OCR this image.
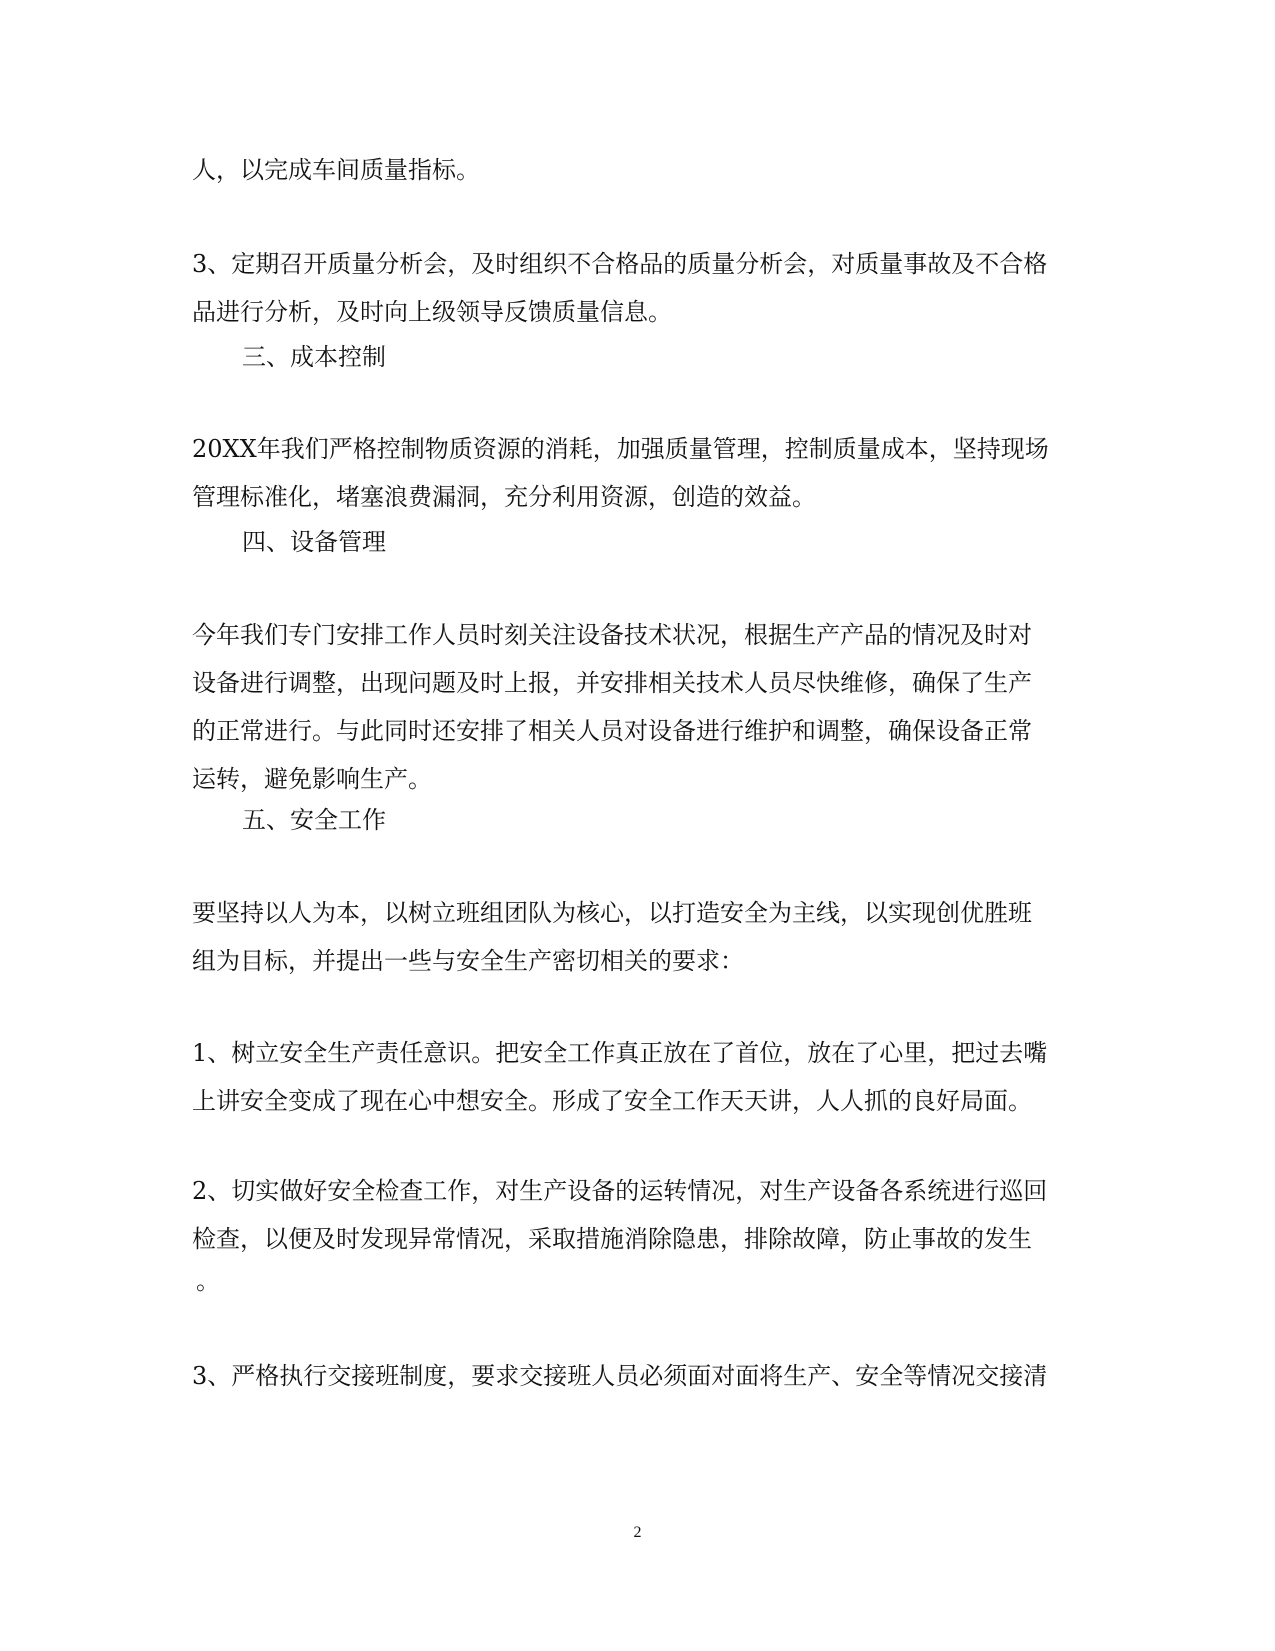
人，以完成车间质量指标。
3、定期召开质量分析会，及时组织不合格品的质量分析会，对质量事故及不合格
品进行分析，及时向上级领导反馈质量信息。
三、成本控制
20XX年我们严格控制物质资源的消耗，加强质量管理，控制质量成本，坚持现场
管理标准化，堵塞浪费漏洞，充分利用资源，创造的效益。
四、设备管理
今年我们专门安排工作人员时刻关注设备技术状况，根据生产产品的情况及时对
设备进行调整，出现问题及时上报，并安排相关技术人员尽快维修，确保了生产
的正常进行。与此同时还安排了相关人员对设备进行维护和调整，确保设备正常
运转，避免影响生产。
五、安全工作
要坚持以人为本，以树立班组团队为核心，以打造安全为主线，以实现创优胜班
组为目标，并提出一些与安全生产密切相关的要求：
1、树立安全生产责任意识。把安全工作真正放在了首位，放在了心里，把过去嘴
上讲安全变成了现在心中想安全。形成了安全工作天天讲，人人抓的良好局面。
2、切实做好安全检查工作，对生产设备的运转情况，对生产设备各系统进行巡回
检查，以便及时发现异常情况，采取措施消除隐患，排除故障，防止事故的发生
。
3、严格执行交接班制度，要求交接班人员必须面对面将生产、安全等情况交接清
2
